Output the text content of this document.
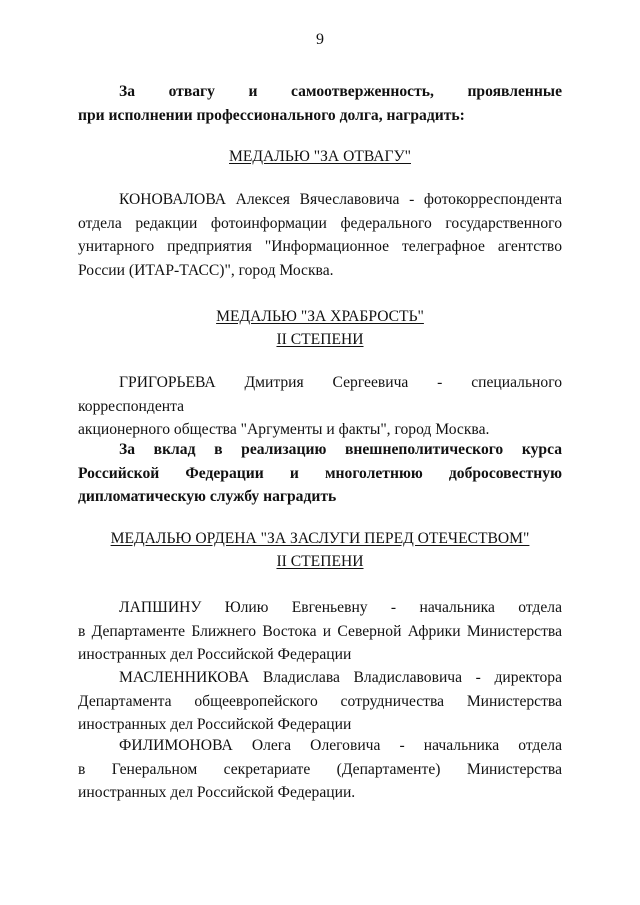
9
За отвагу и самоотверженность, проявленные
при исполнении профессионального долга, наградить:
МЕДАЛЬЮ "ЗА ОТВАГУ"
КОНОВАЛОВА Алексея Вячеславовича - фотокорреспондента
отдела редакции фотоинформации федерального государственного
унитарного предприятия "Информационное телеграфное агентство
России (ИТАР-ТАСС)", город Москва.
МЕДАЛЬЮ "ЗА ХРАБРОСТЬ"
II СТЕПЕНИ
ГРИГОРЬЕВА Дмитрия Сергеевича - специального корреспондента
акционерного общества "Аргументы и факты", город Москва.
За вклад в реализацию внешнеполитического курса
Российской Федерации и многолетнюю добросовестную
дипломатическую службу наградить
МЕДАЛЬЮ ОРДЕНА "ЗА ЗАСЛУГИ ПЕРЕД ОТЕЧЕСТВОМ"
II СТЕПЕНИ
ЛАПШИНУ Юлию Евгеньевну - начальника отдела
в Департаменте Ближнего Востока и Северной Африки Министерства
иностранных дел Российской Федерации
МАСЛЕННИКОВА Владислава Владиславовича - директора
Департамента общеевропейского сотрудничества Министерства
иностранных дел Российской Федерации
ФИЛИМОНОВА Олега Олеговича - начальника отдела
в Генеральном секретариате (Департаменте) Министерства
иностранных дел Российской Федерации.
